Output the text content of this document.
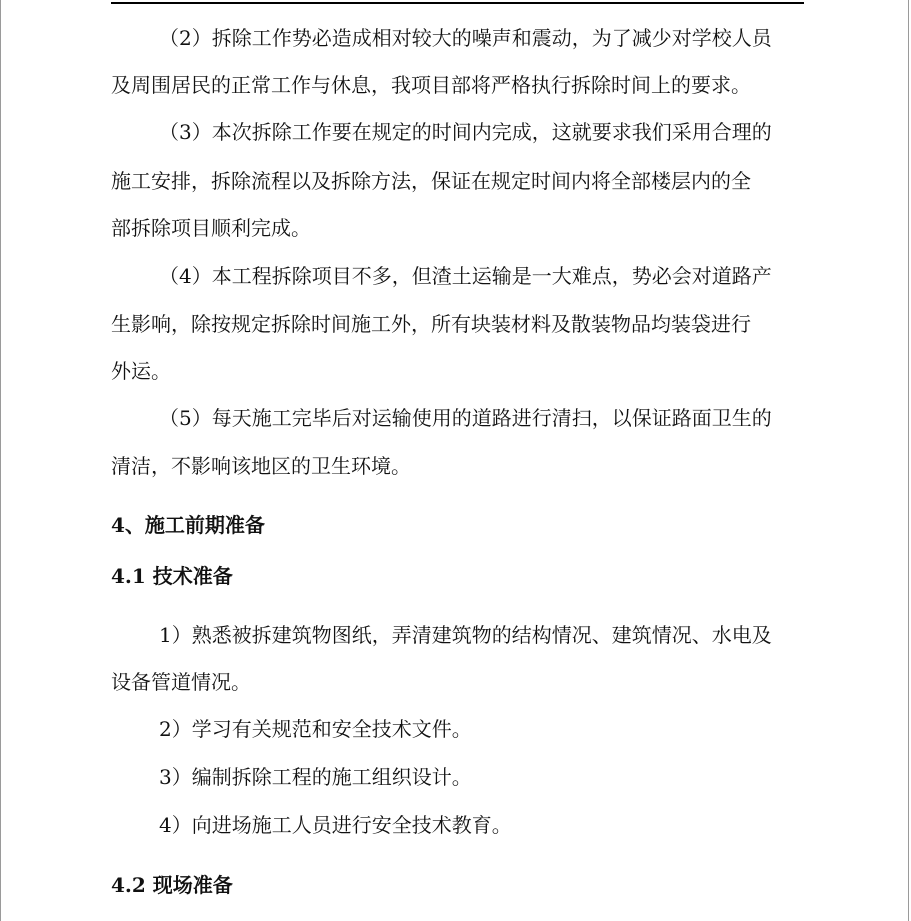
（2）拆除工作势必造成相对较大的噪声和震动，为了减少对学校人员
及周围居民的正常工作与休息，我项目部将严格执行拆除时间上的要求。
（3）本次拆除工作要在规定的时间内完成，这就要求我们采用合理的
施工安排，拆除流程以及拆除方法，保证在规定时间内将全部楼层内的全
部拆除项目顺利完成。
（4）本工程拆除项目不多，但渣土运输是一大难点，势必会对道路产
生影响，除按规定拆除时间施工外，所有块装材料及散装物品均装袋进行
外运。
（5）每天施工完毕后对运输使用的道路进行清扫，以保证路面卫生的
清洁，不影响该地区的卫生环境。
4、施工前期准备
4.1 技术准备
1）熟悉被拆建筑物图纸，弄清建筑物的结构情况、建筑情况、水电及
设备管道情况。
2）学习有关规范和安全技术文件。
3）编制拆除工程的施工组织设计。
4）向进场施工人员进行安全技术教育。
4.2 现场准备
